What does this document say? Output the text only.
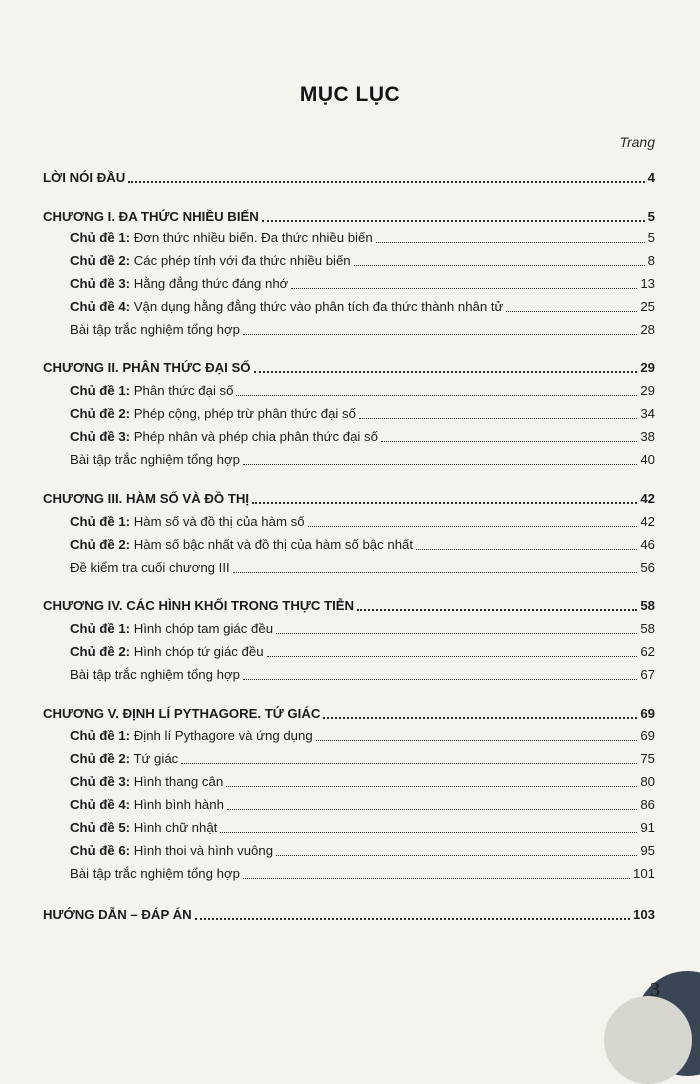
MỤC LỤC
Trang
LỜI NÓI ĐẦU	4
CHƯƠNG I. ĐA THỨC NHIỀU BIẾN	5
Chủ đề 1: Đơn thức nhiều biến. Đa thức nhiều biến	5
Chủ đề 2: Các phép tính với đa thức nhiều biến	8
Chủ đề 3: Hằng đẳng thức đáng nhớ	13
Chủ đề 4: Vận dụng hằng đẳng thức vào phân tích đa thức thành nhân tử	25
Bài tập trắc nghiệm tổng hợp	28
CHƯƠNG II. PHÂN THỨC ĐẠI SỐ	29
Chủ đề 1: Phân thức đại số	29
Chủ đề 2: Phép cộng, phép trừ phân thức đại số	34
Chủ đề 3: Phép nhân và phép chia phân thức đại số	38
Bài tập trắc nghiệm tổng hợp	40
CHƯƠNG III. HÀM SỐ VÀ ĐỒ THỊ	42
Chủ đề 1: Hàm số và đồ thị của hàm số	42
Chủ đề 2: Hàm số bậc nhất và đồ thị của hàm số bậc nhất	46
Đề kiểm tra cuối chương III	56
CHƯƠNG IV. CÁC HÌNH KHỐI TRONG THỰC TIỄN	58
Chủ đề 1: Hình chóp tam giác đều	58
Chủ đề 2: Hình chóp tứ giác đều	62
Bài tập trắc nghiệm tổng hợp	67
CHƯƠNG V. ĐỊNH LÍ PYTHAGORE. TỨ GIÁC	69
Chủ đề 1: Định lí Pythagore và ứng dụng	69
Chủ đề 2: Tứ giác	75
Chủ đề 3: Hình thang cân	80
Chủ đề 4: Hình bình hành	86
Chủ đề 5: Hình chữ nhật	91
Chủ đề 6: Hình thoi và hình vuông	95
Bài tập trắc nghiệm tổng hợp	101
HƯỚNG DẪN – ĐÁP ÁN	103
3
